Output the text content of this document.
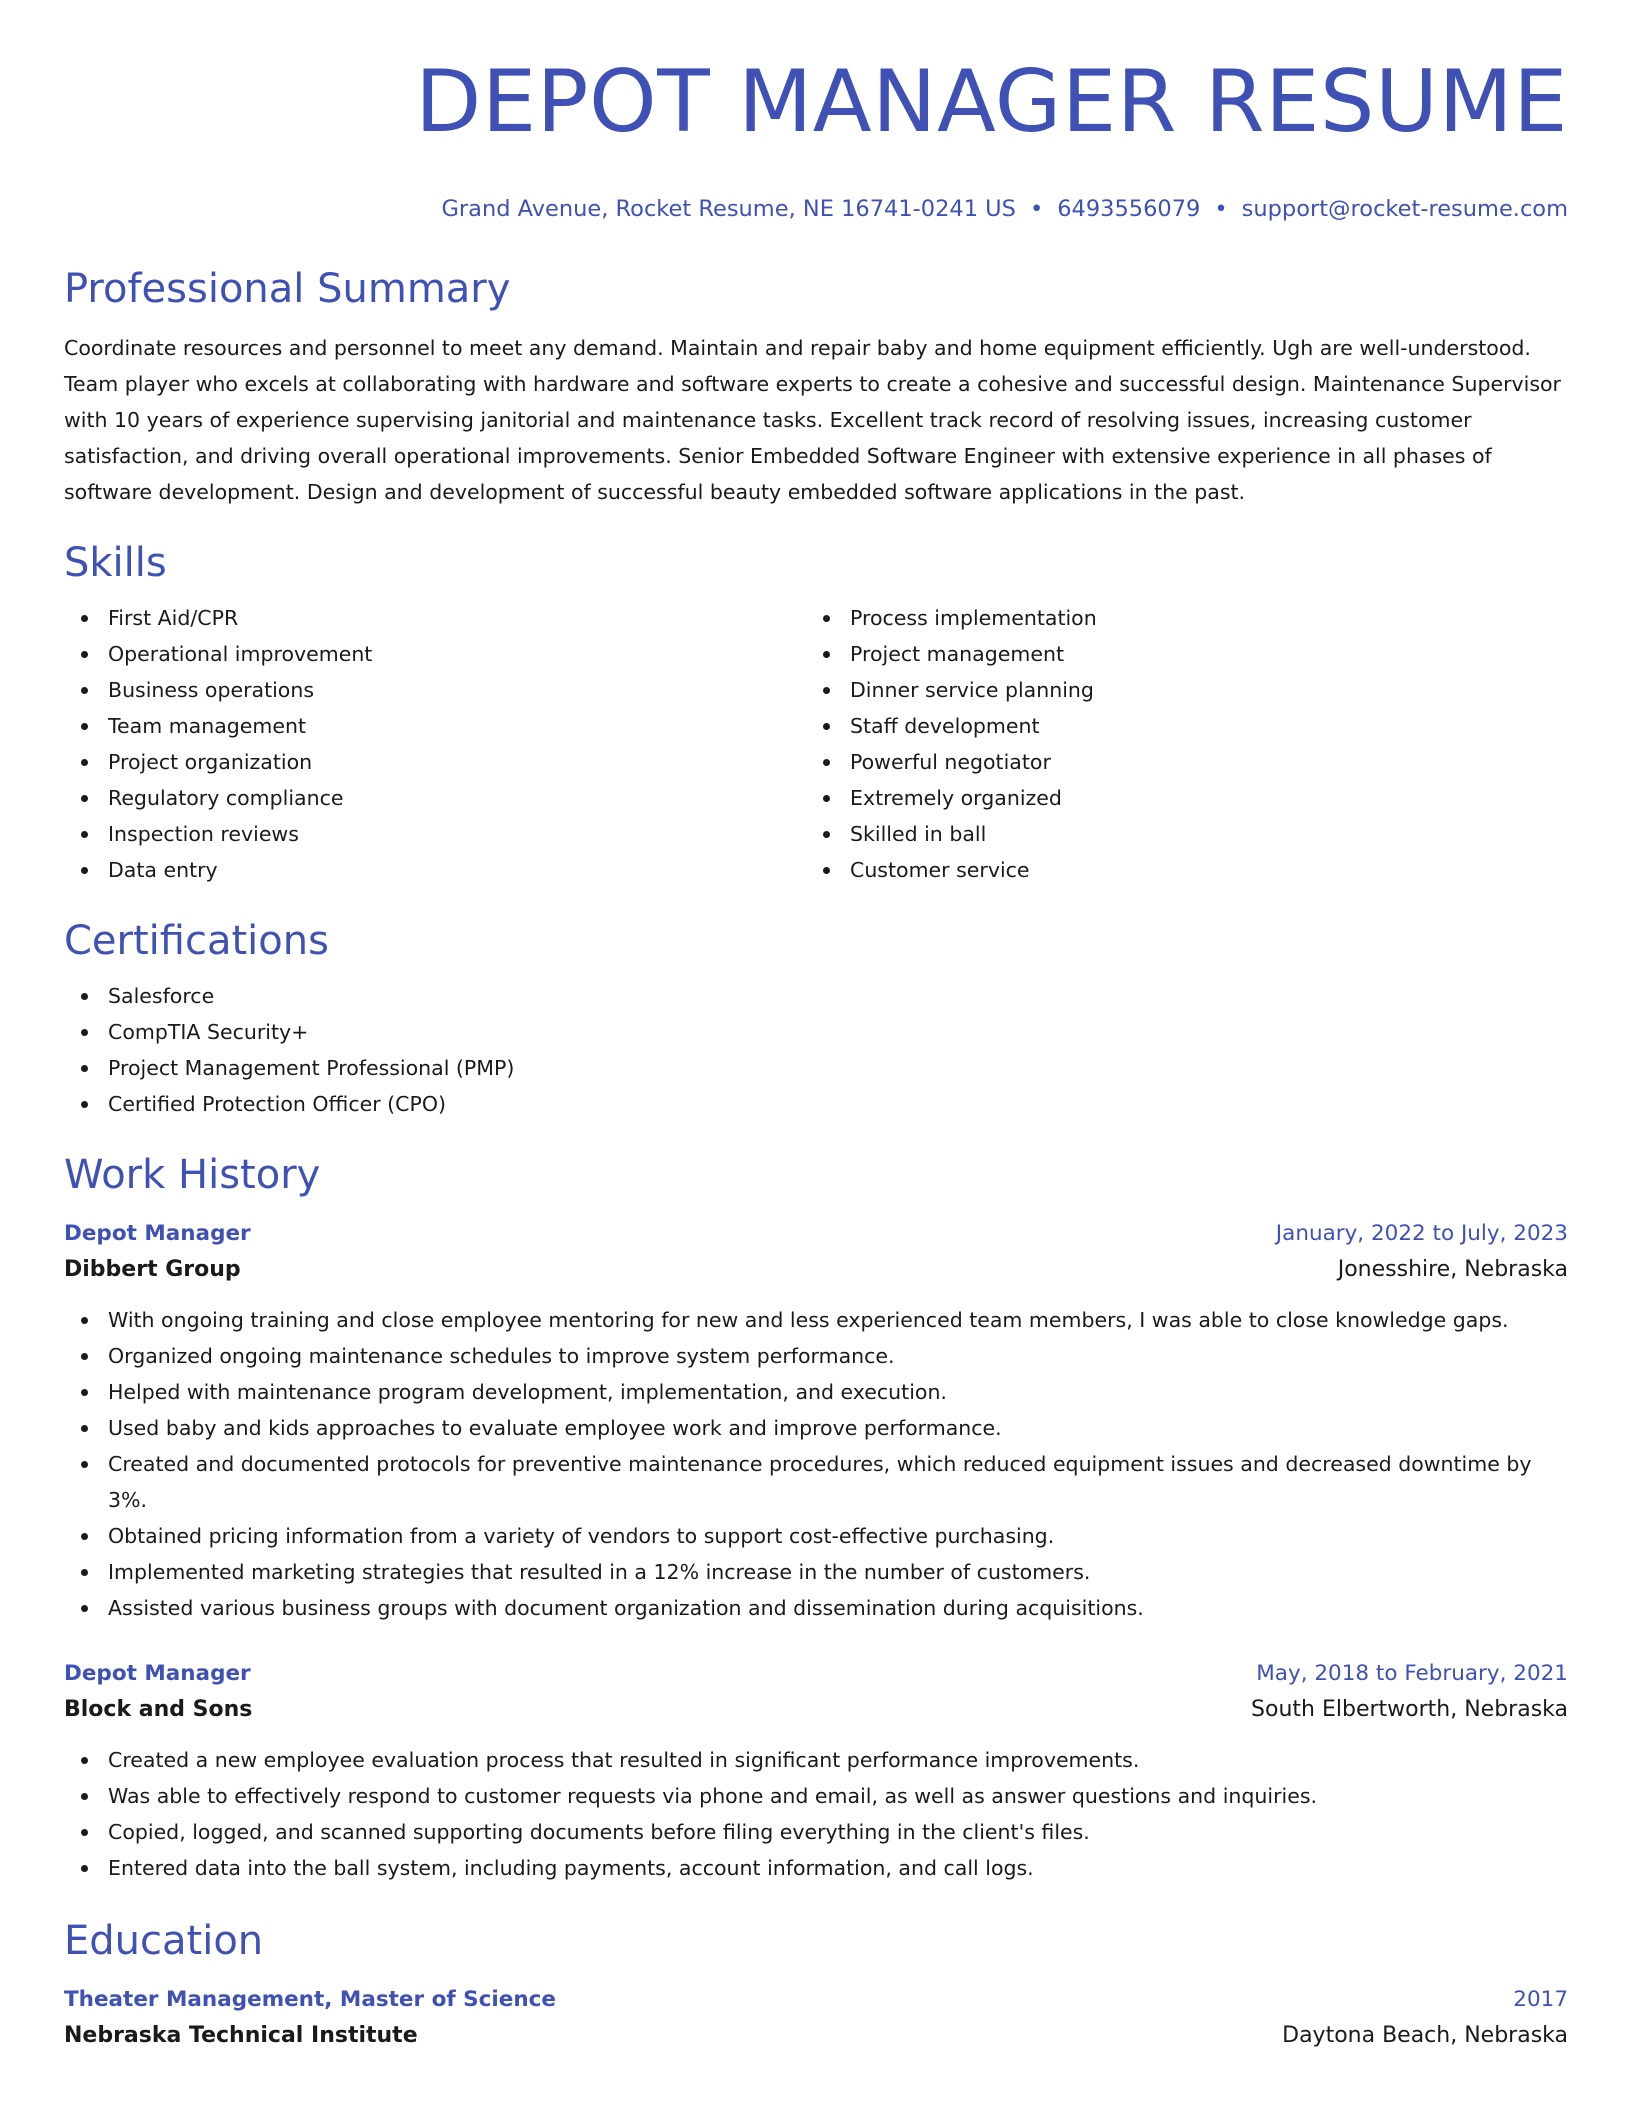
DEPOT MANAGER RESUME
Grand Avenue, Rocket Resume, NE 16741-0241 US • 6493556079 • support@rocket-resume.com
Professional Summary

Coordinate resources and personnel to meet any demand. Maintain and repair baby and home equipment efficiently. Ugh are well-understood. Team player who excels at collaborating with hardware and software experts to create a cohesive and successful design. Maintenance Supervisor with 10 years of experience supervising janitorial and maintenance tasks. Excellent track record of resolving issues, increasing customer satisfaction, and driving overall operational improvements. Senior Embedded Software Engineer with extensive experience in all phases of software development. Design and development of successful beauty embedded software applications in the past.

Skills
First Aid/CPR
Operational improvement
Business operations
Team management
Project organization
Regulatory compliance
Inspection reviews
Data entry
Process implementation
Project management
Dinner service planning
Staff development
Powerful negotiator
Extremely organized
Skilled in ball
Customer service
Certifications
Salesforce
CompTIA Security+
Project Management Professional (PMP)
Certified Protection Officer (CPO)
Work History
Depot Manager	January, 2022 to July, 2023
Dibbert Group	Jonesshire, Nebraska
With ongoing training and close employee mentoring for new and less experienced team members, I was able to close knowledge gaps.
Organized ongoing maintenance schedules to improve system performance.
Helped with maintenance program development, implementation, and execution.
Used baby and kids approaches to evaluate employee work and improve performance.
Created and documented protocols for preventive maintenance procedures, which reduced equipment issues and decreased downtime by 3%.
Obtained pricing information from a variety of vendors to support cost-effective purchasing.
Implemented marketing strategies that resulted in a 12% increase in the number of customers.
Assisted various business groups with document organization and dissemination during acquisitions.
Depot Manager	May, 2018 to February, 2021
Block and Sons	South Elbertworth, Nebraska
Created a new employee evaluation process that resulted in significant performance improvements.
Was able to effectively respond to customer requests via phone and email, as well as answer questions and inquiries.
Copied, logged, and scanned supporting documents before filing everything in the client's files.
Entered data into the ball system, including payments, account information, and call logs.
Education
Theater Management, Master of Science	2017
Nebraska Technical Institute	Daytona Beach, Nebraska
